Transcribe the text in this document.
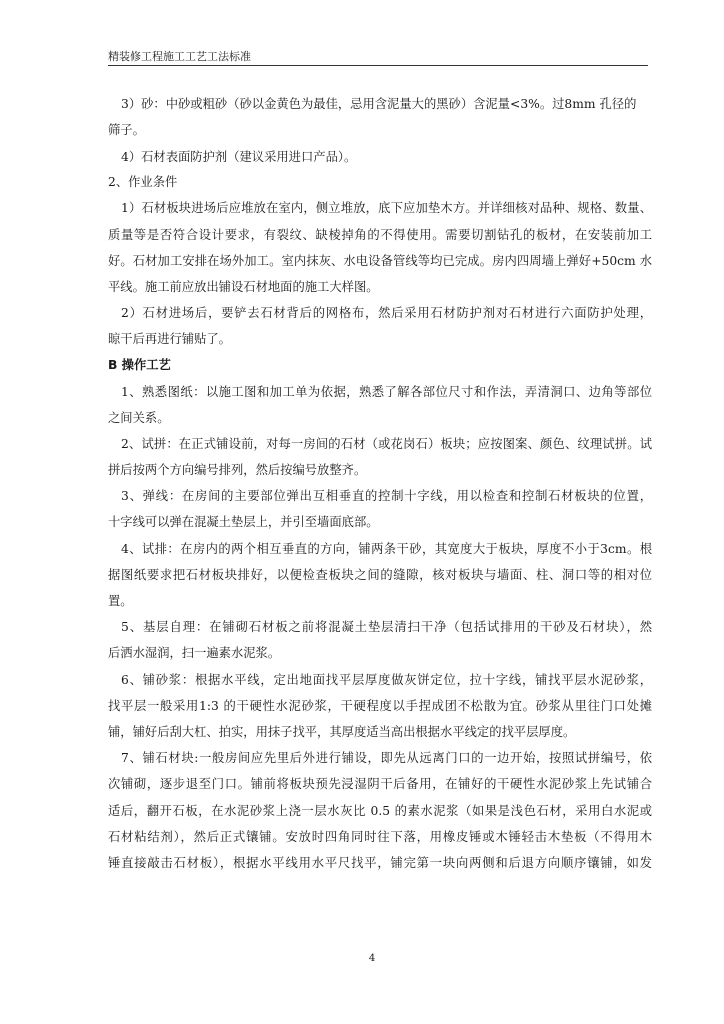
精装修工程施工工艺工法标准
3）砂：中砂或粗砂（砂以金黄色为最佳，忌用含泥量大的黑砂）含泥量<3%。过8mm 孔径的
筛子。
4）石材表面防护剂（建议采用进口产品）。
2、作业条件
1）石材板块进场后应堆放在室内，侧立堆放，底下应加垫木方。并详细核对品种、规格、数量、
质量等是否符合设计要求，有裂纹、缺棱掉角的不得使用。需要切割钻孔的板材，在安装前加工
好。石材加工安排在场外加工。室内抹灰、水电设备管线等均已完成。房内四周墙上弹好+50cm 水
平线。施工前应放出铺设石材地面的施工大样图。
2）石材进场后，要铲去石材背后的网格布，然后采用石材防护剂对石材进行六面防护处理，
晾干后再进行铺贴了。
B 操作工艺
1、熟悉图纸：以施工图和加工单为依据，熟悉了解各部位尺寸和作法，弄清洞口、边角等部位
之间关系。
2、试拼：在正式铺设前，对每一房间的石材（或花岗石）板块；应按图案、颜色、纹理试拼。试
拼后按两个方向编号排列，然后按编号放整齐。
3、弹线：在房间的主要部位弹出互相垂直的控制十字线，用以检查和控制石材板块的位置，
十字线可以弹在混凝土垫层上，并引至墙面底部。
4、试排：在房内的两个相互垂直的方向，铺两条干砂，其宽度大于板块，厚度不小于3cm。根
据图纸要求把石材板块排好，以便检查板块之间的缝隙，核对板块与墙面、柱、洞口等的相对位
置。
5、基层自理：在铺砌石材板之前将混凝土垫层清扫干净（包括试排用的干砂及石材块），然
后洒水湿润，扫一遍素水泥浆。
6、铺砂浆：根据水平线，定出地面找平层厚度做灰饼定位，拉十字线，铺找平层水泥砂浆，
找平层一般采用1:3 的干硬性水泥砂浆，干硬程度以手捏成团不松散为宜。砂浆从里往门口处摊
铺，铺好后刮大杠、拍实，用抹子找平，其厚度适当高出根据水平线定的找平层厚度。
7、铺石材块:一般房间应先里后外进行铺设，即先从远离门口的一边开始，按照试拼编号，依
次铺砌，逐步退至门口。铺前将板块预先浸湿阴干后备用，在铺好的干硬性水泥砂浆上先试铺合
适后，翻开石板，在水泥砂浆上浇一层水灰比 0.5 的素水泥浆（如果是浅色石材，采用白水泥或
石材粘结剂），然后正式镶铺。安放时四角同时往下落，用橡皮锤或木锤轻击木垫板（不得用木
锤直接敲击石材板），根据水平线用水平尺找平，铺完第一块向两侧和后退方向顺序镶铺，如发
4
